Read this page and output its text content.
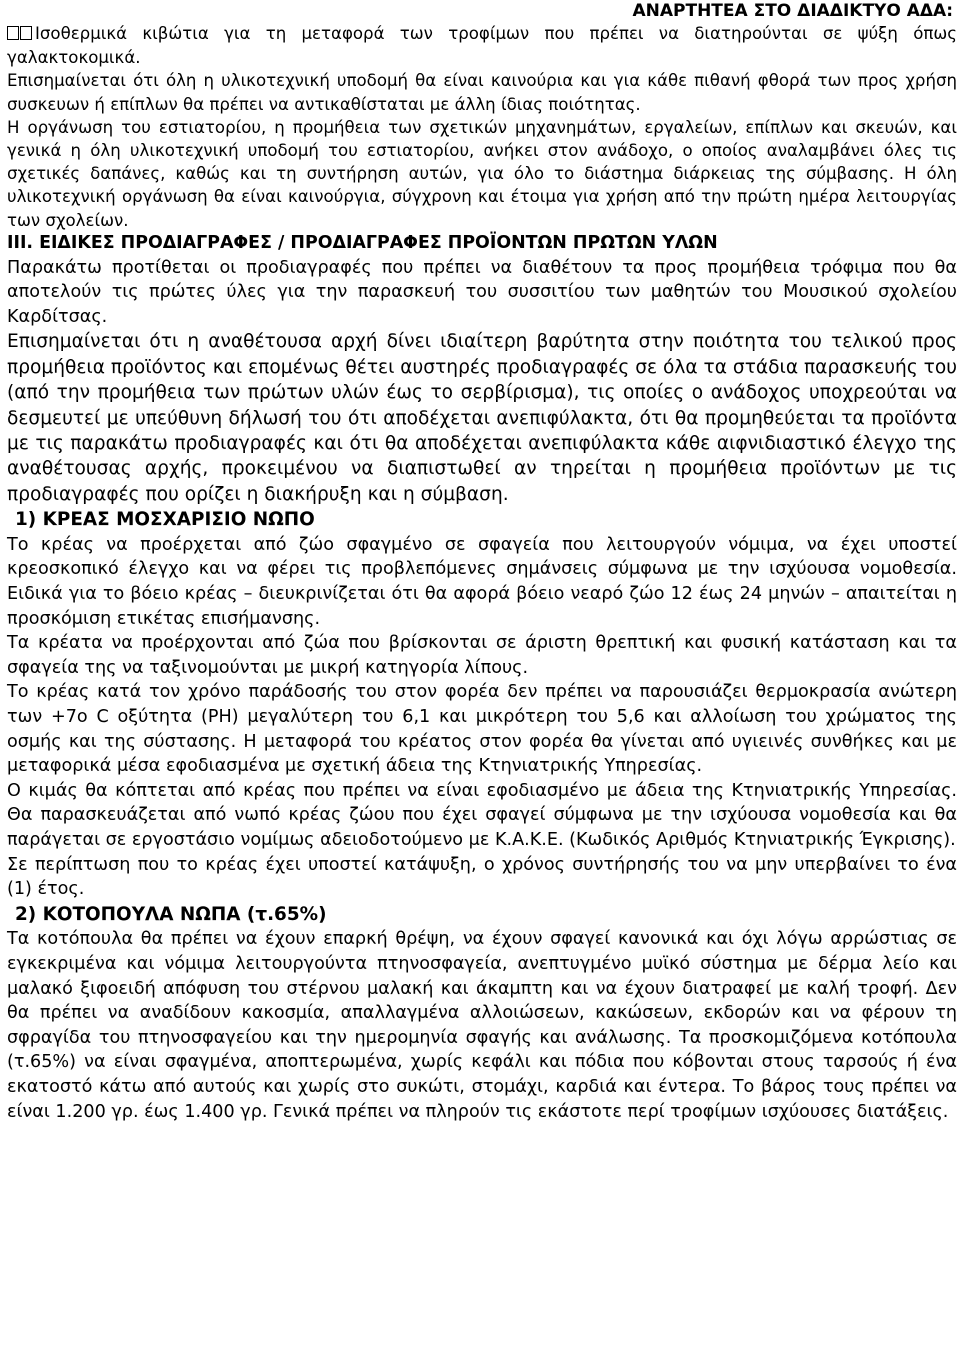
ΑΝΑΡΤΗΤΕΑ ΣΤΟ ΔΙΑΔΙΚΤΥΟ ΑΔΑ:
Ισοθερμικά κιβώτια για τη μεταφορά των τροφίμων που πρέπει να διατηρούνται σε ψύξη όπως γαλακτοκομικά.
Επισημαίνεται ότι όλη η υλικοτεχνική υποδομή θα είναι καινούρια και για κάθε πιθανή φθορά των προς χρήση συσκευων ή επίπλων θα πρέπει να αντικαθίσταται με άλλη ίδιας ποιότητας.
Η οργάνωση του εστιατορίου, η προμήθεια των σχετικών μηχανημάτων, εργαλείων, επίπλων και σκευών, και γενικά η όλη υλικοτεχνική υποδομή του εστιατορίου, ανήκει στον ανάδοχο, ο οποίος αναλαμβάνει όλες τις σχετικές δαπάνες, καθώς και τη συντήρηση αυτών, για όλο το διάστημα διάρκειας της σύμβασης. Η όλη υλικοτεχνική οργάνωση θα είναι καινούργια, σύγχρονη και έτοιμα για χρήση από την πρώτη ημέρα λειτουργίας των σχολείων.
ΙΙΙ. ΕΙΔΙΚΕΣ ΠΡΟΔΙΑΓΡΑΦΕΣ / ΠΡΟΔΙΑΓΡΑΦΕΣ ΠΡΟΪΟΝΤΩΝ ΠΡΩΤΩΝ ΥΛΩΝ
Παρακάτω προτίθεται οι προδιαγραφές που πρέπει να διαθέτουν τα προς προμήθεια τρόφιμα που θα αποτελούν τις πρώτες ύλες για την παρασκευή του συσσιτίου των μαθητών του Μουσικού σχολείου Καρδίτσας.
Επισημαίνεται ότι η αναθέτουσα αρχή δίνει ιδιαίτερη βαρύτητα στην ποιότητα του τελικού προς προμήθεια προϊόντος και επομένως θέτει αυστηρές προδιαγραφές σε όλα τα στάδια παρασκευής του (από την προμήθεια των πρώτων υλών έως το σερβίρισμα), τις οποίες ο ανάδοχος υποχρεούται να δεσμευτεί με υπεύθυνη δήλωσή του ότι αποδέχεται ανεπιφύλακτα, ότι θα προμηθεύεται τα προϊόντα με τις παρακάτω προδιαγραφές και ότι θα αποδέχεται ανεπιφύλακτα κάθε αιφνιδιαστικό έλεγχο της αναθέτουσας αρχής, προκειμένου να διαπιστωθεί αν τηρείται η προμήθεια προϊόντων με τις προδιαγραφές που ορίζει η διακήρυξη και η σύμβαση.
1) ΚΡΕΑΣ ΜΟΣΧΑΡΙΣΙΟ ΝΩΠΟ
Το κρέας να προέρχεται από ζώο σφαγμένο σε σφαγεία που λειτουργούν νόμιμα, να έχει υποστεί κρεοσκοπικό έλεγχο και να φέρει τις προβλεπόμενες σημάνσεις σύμφωνα με την ισχύουσα νομοθεσία. Ειδικά για το βόειο κρέας – διευκρινίζεται ότι θα αφορά βόειο νεαρό ζώο 12 έως 24 μηνών – απαιτείται η προσκόμιση ετικέτας επισήμανσης.
Τα κρέατα να προέρχονται από ζώα που βρίσκονται σε άριστη θρεπτική και φυσική κατάσταση και τα σφαγεία της να ταξινομούνται με μικρή κατηγορία λίπους.
Το κρέας κατά τον χρόνο παράδοσής του στον φορέα δεν πρέπει να παρουσιάζει θερμοκρασία ανώτερη των +7ο C οξύτητα (PH) μεγαλύτερη του 6,1 και μικρότερη του 5,6 και αλλοίωση του χρώματος της οσμής και της σύστασης. Η μεταφορά του κρέατος στον φορέα θα γίνεται από υγιεινές συνθήκες και με μεταφορικά μέσα εφοδιασμένα με σχετική άδεια της Κτηνιατρικής Υπηρεσίας.
Ο κιμάς θα κόπτεται από κρέας που πρέπει να είναι εφοδιασμένο με άδεια της Κτηνιατρικής Υπηρεσίας. Θα παρασκευάζεται από νωπό κρέας ζώου που έχει σφαγεί σύμφωνα με την ισχύουσα νομοθεσία και θα παράγεται σε εργοστάσιο νομίμως αδειοδοτούμενο με Κ.Α.Κ.Ε. (Κωδικός Αριθμός Κτηνιατρικής Έγκρισης).
Σε περίπτωση που το κρέας έχει υποστεί κατάψυξη, ο χρόνος συντήρησής του να μην υπερβαίνει το ένα (1) έτος.
2) ΚΟΤΟΠΟΥΛΑ ΝΩΠΑ (τ.65%)
Τα κοτόπουλα θα πρέπει να έχουν επαρκή θρέψη, να έχουν σφαγεί κανονικά και όχι λόγω αρρώστιας σε εγκεκριμένα και νόμιμα λειτουργούντα πτηνοσφαγεία, ανεπτυγμένο μυϊκό σύστημα με δέρμα λείο και μαλακό ξιφοειδή απόφυση του στέρνου μαλακή και άκαμπτη και να έχουν διατραφεί με καλή τροφή. Δεν θα πρέπει να αναδίδουν κακοσμία, απαλλαγμένα αλλοιώσεων, κακώσεων, εκδορών και να φέρουν τη σφραγίδα του πτηνοσφαγείου και την ημερομηνία σφαγής και ανάλωσης. Τα προσκομιζόμενα κοτόπουλα (τ.65%) να είναι σφαγμένα, αποπτερωμένα, χωρίς κεφάλι και πόδια που κόβονται στους ταρσούς ή ένα εκατοστό κάτω από αυτούς και χωρίς στο συκώτι, στομάχι, καρδιά και έντερα. Το βάρος τους πρέπει να είναι 1.200 γρ. έως 1.400 γρ. Γενικά πρέπει να πληρούν τις εκάστοτε περί τροφίμων ισχύουσες διατάξεις.
